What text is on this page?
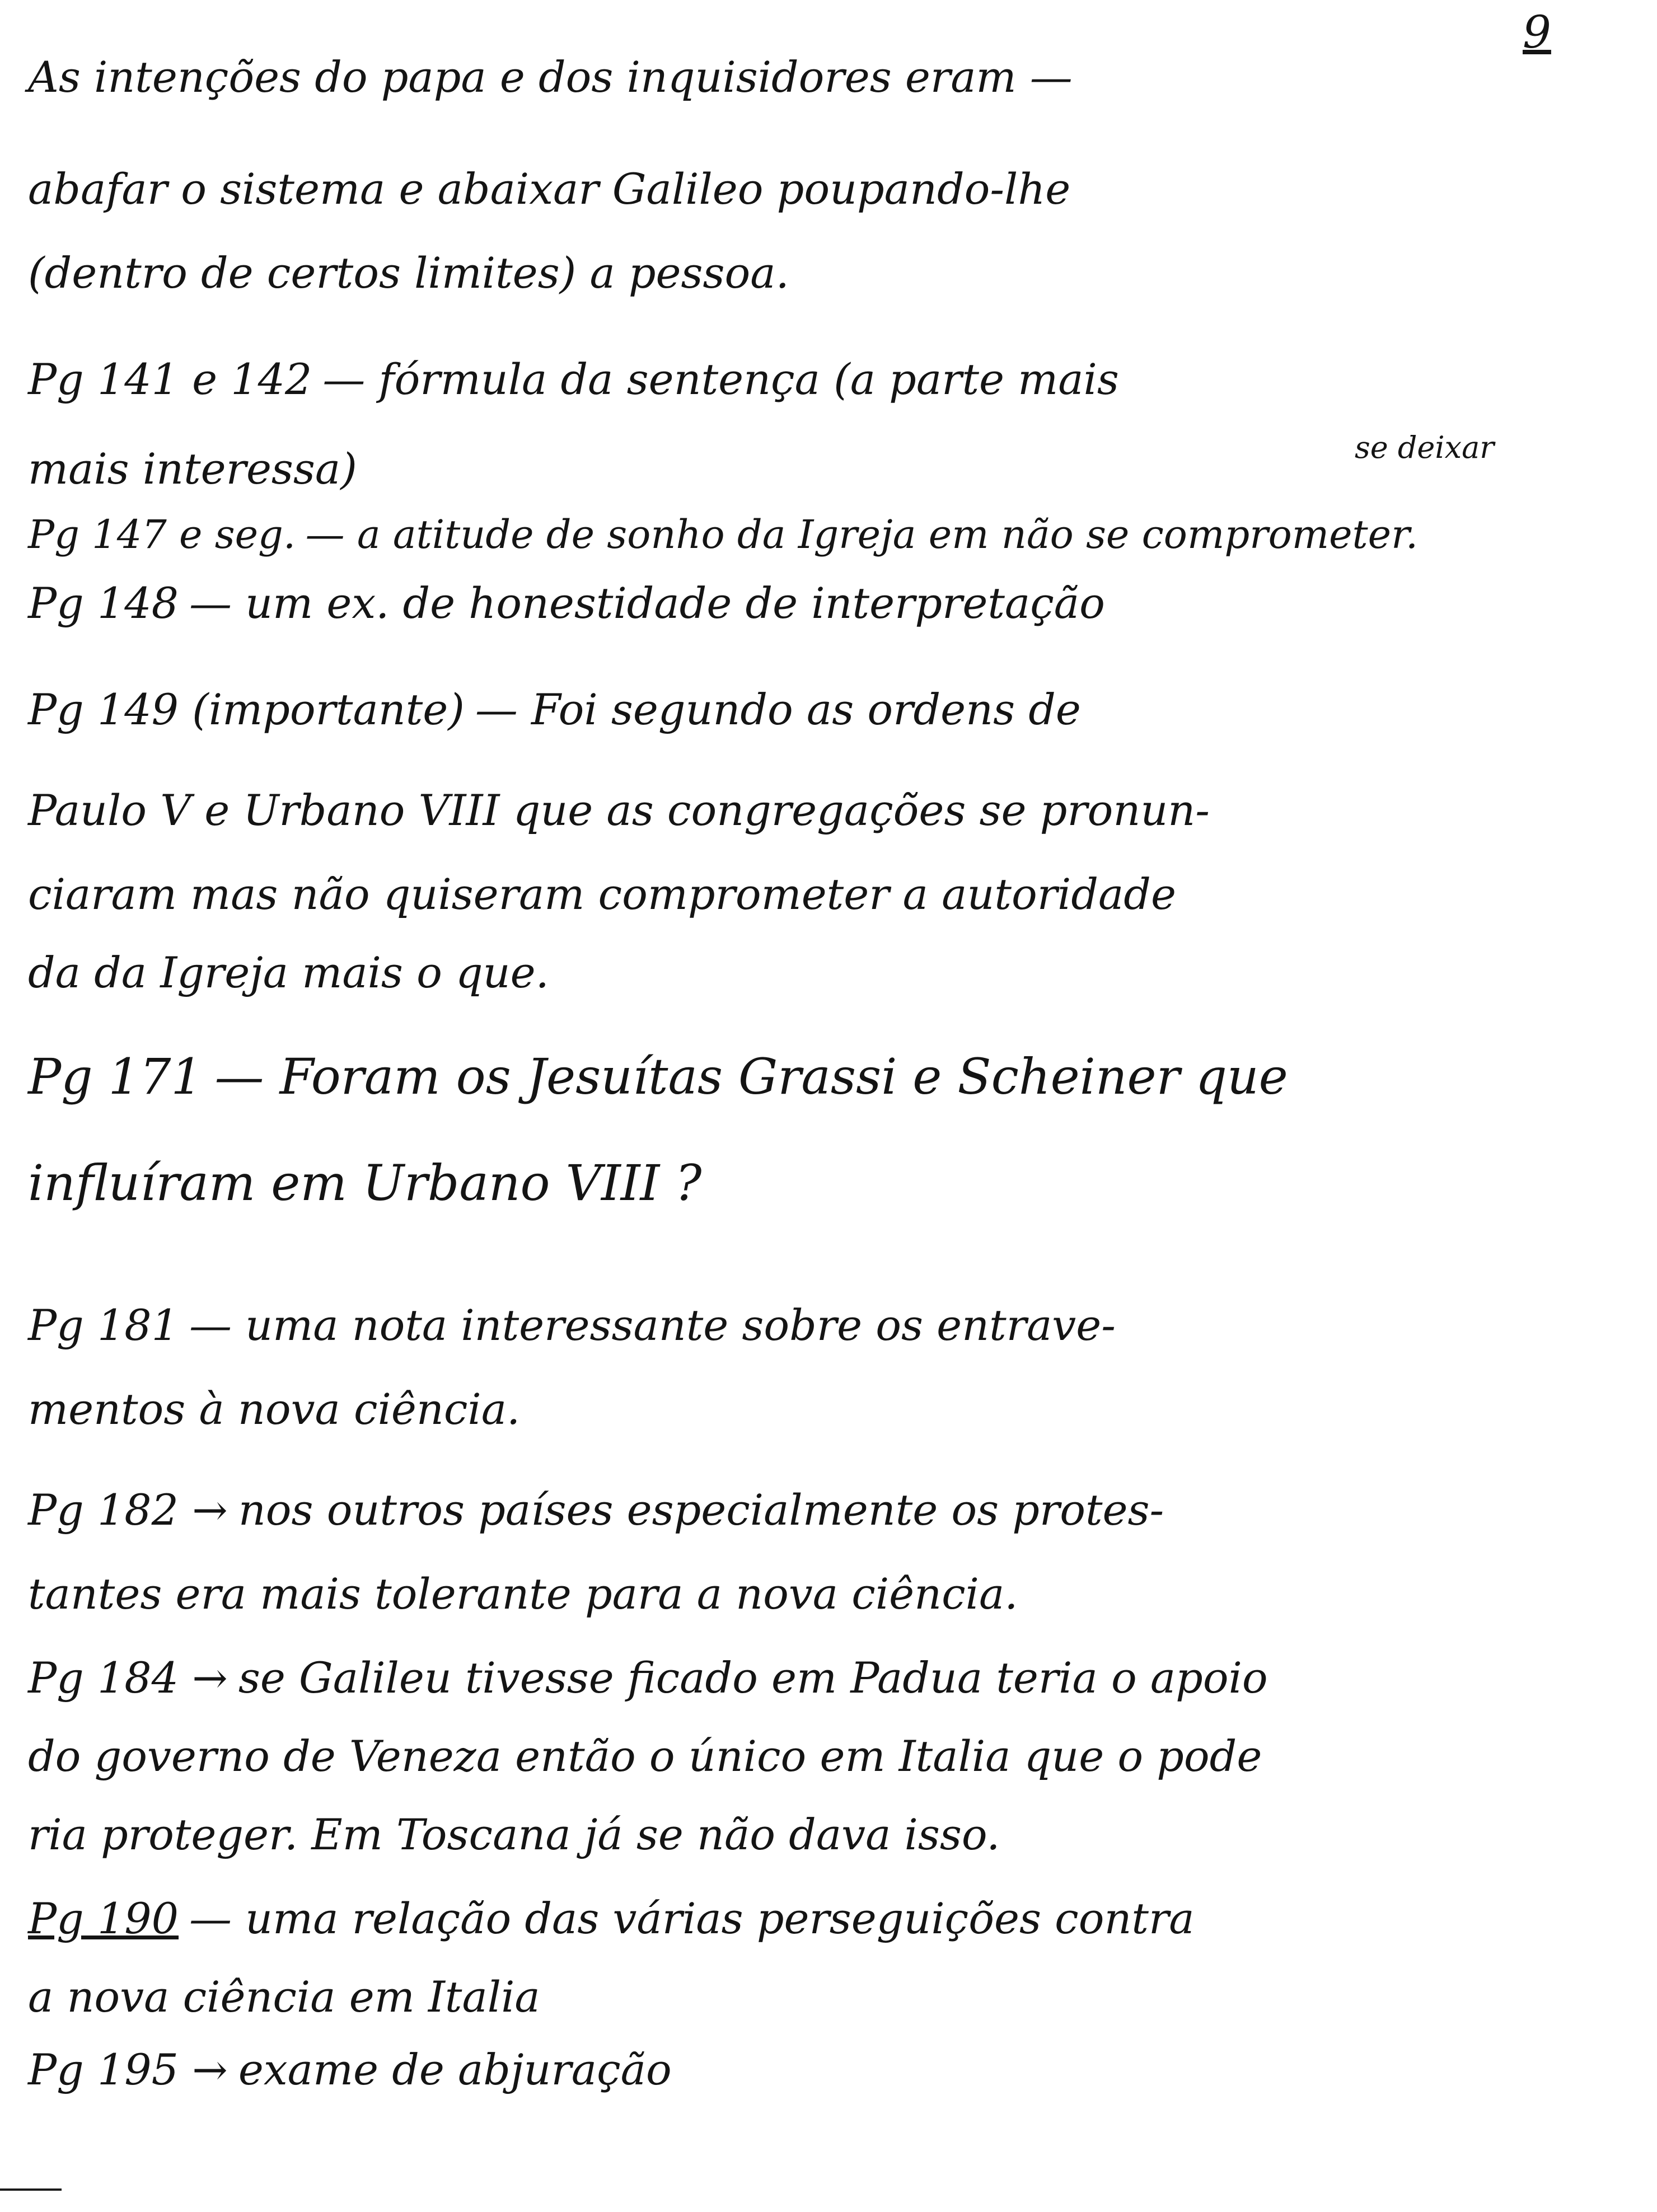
9

As intenções do papa e dos inquisidores eram —

abafar o sistema e abaixar Galileo poupando-lhe

(dentro de certos limites) a pessoa.

Pg 141 e 142 — fórmula da sentença (a parte mais

mais interessa)	se deixar

Pg 147 e seg. — a atitude de sonho da Igreja em não se comprometer.

Pg 148 — um ex. de honestidade de interpretação

Pg 149 (importante) — Foi segundo as ordens de

Paulo V e Urbano VIII que as congregações se pronun-

ciaram mas não quiseram comprometer a autoridade

da da Igreja mais o que.

Pg 171 — Foram os Jesuítas Grassi e Scheiner que

influíram em Urbano VIII ?

Pg 181 — uma nota interessante sobre os entrave-

mentos à nova ciência.

Pg 182 → nos outros países especialmente os protes-

tantes era mais tolerante para a nova ciência.

Pg 184 → se Galileu tivesse ficado em Padua teria o apoio

do governo de Veneza então o único em Italia que o pode

ria proteger. Em Toscana já se não dava isso.

Pg 190 — uma relação das várias perseguições contra

a nova ciência em Italia

Pg 195 → exame de abjuração
